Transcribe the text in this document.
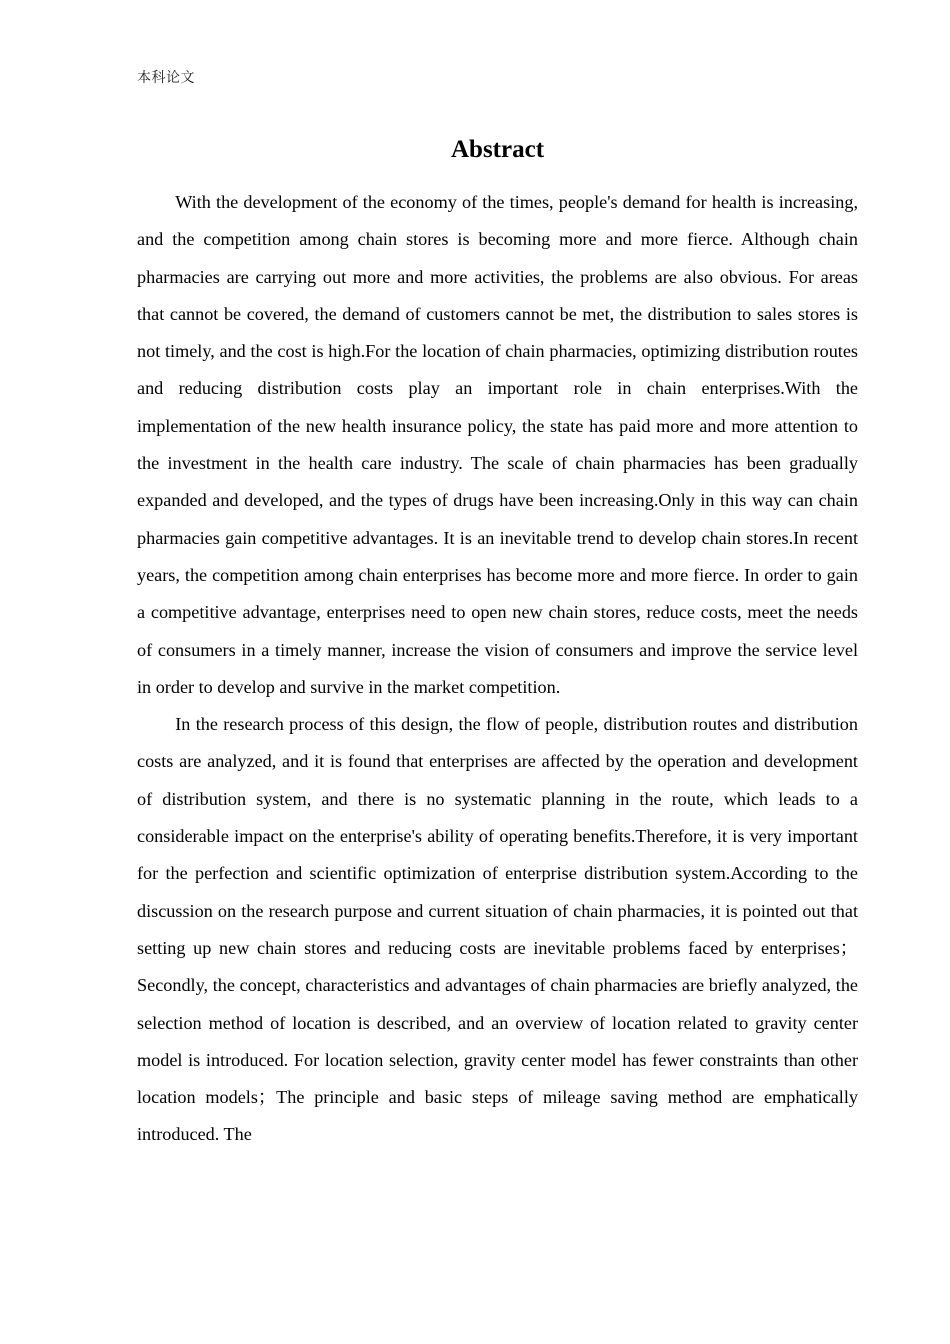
本科论文
Abstract

With the development of the economy of the times, people's demand for health is increasing, and the competition among chain stores is becoming more and more fierce. Although chain pharmacies are carrying out more and more activities, the problems are also obvious. For areas that cannot be covered, the demand of customers cannot be met, the distribution to sales stores is not timely, and the cost is high.For the location of chain pharmacies, optimizing distribution routes and reducing distribution costs play an important role in chain enterprises.With the implementation of the new health insurance policy, the state has paid more and more attention to the investment in the health care industry. The scale of chain pharmacies has been gradually expanded and developed, and the types of drugs have been increasing.Only in this way can chain pharmacies gain competitive advantages. It is an inevitable trend to develop chain stores.In recent years, the competition among chain enterprises has become more and more fierce. In order to gain a competitive advantage, enterprises need to open new chain stores, reduce costs, meet the needs of consumers in a timely manner, increase the vision of consumers and improve the service level in order to develop and survive in the market competition.

In the research process of this design, the flow of people, distribution routes and distribution costs are analyzed, and it is found that enterprises are affected by the operation and development of distribution system, and there is no systematic planning in the route, which leads to a considerable impact on the enterprise's ability of operating benefits.Therefore, it is very important for the perfection and scientific optimization of enterprise distribution system.According to the discussion on the research purpose and current situation of chain pharmacies, it is pointed out that setting up new chain stores and reducing costs are inevitable problems faced by enterprises；Secondly, the concept, characteristics and advantages of chain pharmacies are briefly analyzed, the selection method of location is described, and an overview of location related to gravity center model is introduced. For location selection, gravity center model has fewer constraints than other location models；The principle and basic steps of mileage saving method are emphatically introduced. The
